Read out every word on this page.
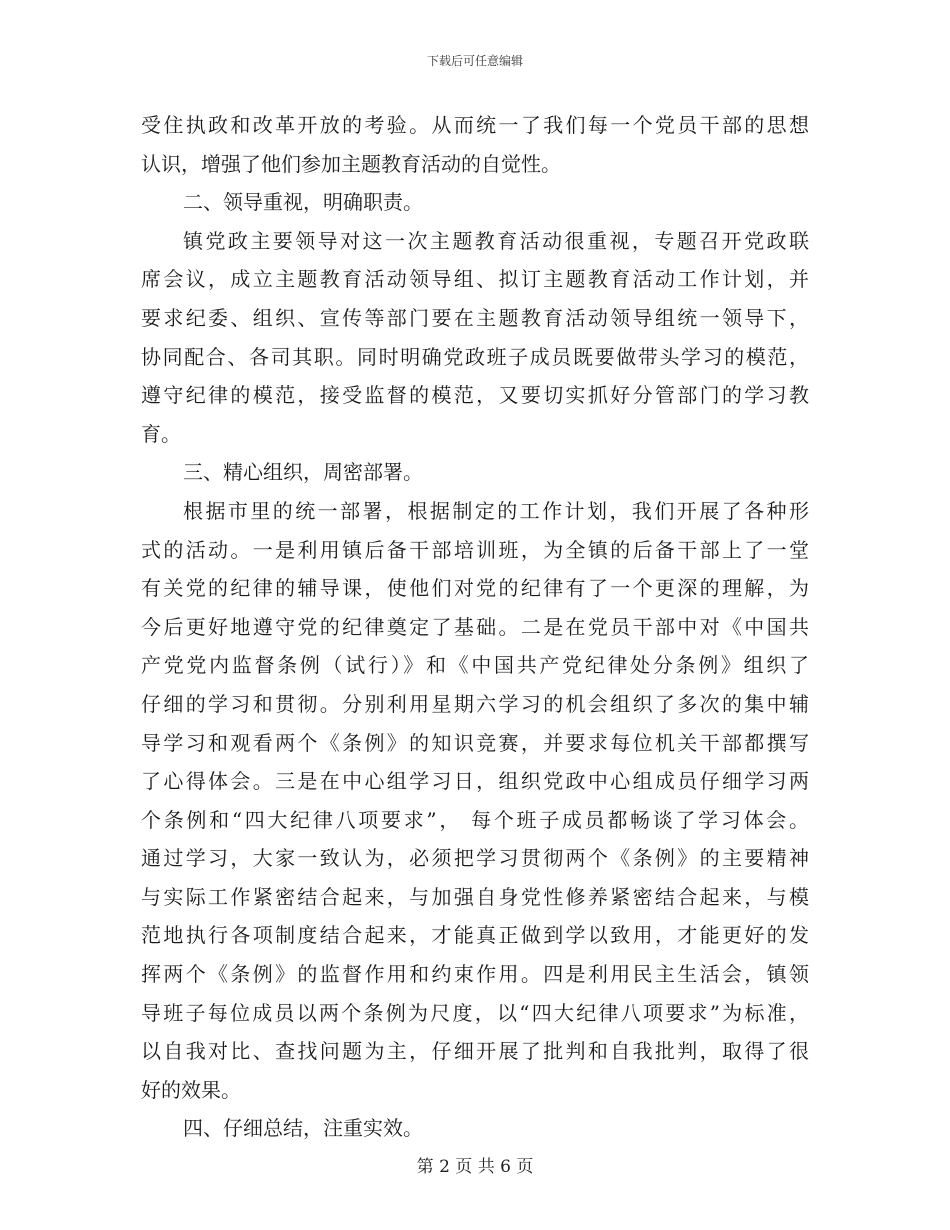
下载后可任意编辑
受住执政和改革开放的考验。从而统一了我们每一个党员干部的思想
认识，增强了他们参加主题教育活动的自觉性。
二、领导重视，明确职责。
镇党政主要领导对这一次主题教育活动很重视，专题召开党政联
席会议，成立主题教育活动领导组、拟订主题教育活动工作计划，并
要求纪委、组织、宣传等部门要在主题教育活动领导组统一领导下，
协同配合、各司其职。同时明确党政班子成员既要做带头学习的模范，
遵守纪律的模范，接受监督的模范，又要切实抓好分管部门的学习教
育。
三、精心组织，周密部署。
根据市里的统一部署，根据制定的工作计划，我们开展了各种形
式的活动。一是利用镇后备干部培训班，为全镇的后备干部上了一堂
有关党的纪律的辅导课，使他们对党的纪律有了一个更深的理解，为
今后更好地遵守党的纪律奠定了基础。二是在党员干部中对《中国共
产党党内监督条例（试行）》和《中国共产党纪律处分条例》组织了
仔细的学习和贯彻。分别利用星期六学习的机会组织了多次的集中辅
导学习和观看两个《条例》的知识竞赛，并要求每位机关干部都撰写
了心得体会。三是在中心组学习日，组织党政中心组成员仔细学习两
个条例和“四大纪律八项要求”， 每个班子成员都畅谈了学习体会。
通过学习，大家一致认为，必须把学习贯彻两个《条例》的主要精神
与实际工作紧密结合起来，与加强自身党性修养紧密结合起来，与模
范地执行各项制度结合起来，才能真正做到学以致用，才能更好的发
挥两个《条例》的监督作用和约束作用。四是利用民主生活会，镇领
导班子每位成员以两个条例为尺度，以“四大纪律八项要求”为标准，
以自我对比、查找问题为主，仔细开展了批判和自我批判，取得了很
好的效果。
四、仔细总结，注重实效。
第 2 页 共 6 页
